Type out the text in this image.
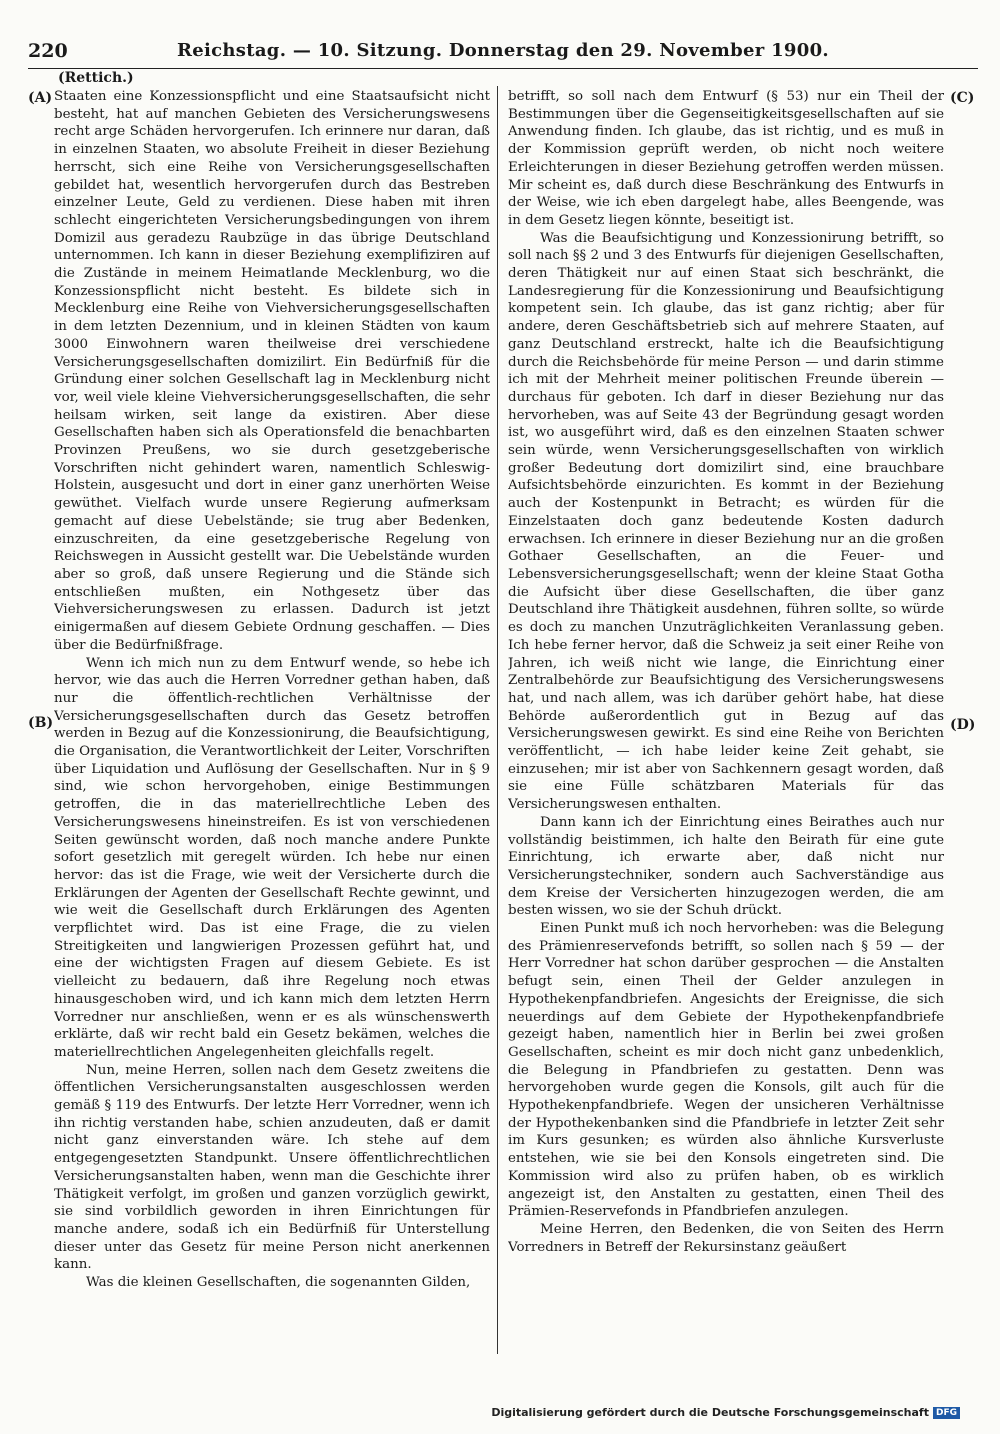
220	Reichstag. — 10. Sitzung. Donnerstag den 29. November 1900.
(Rettich.)
(A)
(B)
(C)
(D)

Staaten eine Konzessionspflicht und eine Staatsaufsicht nicht besteht, hat auf manchen Gebieten des Versicherungswesens recht arge Schäden hervorgerufen. Ich erinnere nur daran, daß in einzelnen Staaten, wo absolute Freiheit in dieser Beziehung herrscht, sich eine Reihe von Versicherungsgesellschaften gebildet hat, wesentlich hervorgerufen durch das Bestreben einzelner Leute, Geld zu verdienen. Diese haben mit ihren schlecht eingerichteten Versicherungsbedingungen von ihrem Domizil aus geradezu Raubzüge in das übrige Deutschland unternommen. Ich kann in dieser Beziehung exemplifiziren auf die Zustände in meinem Heimatlande Mecklenburg, wo die Konzessionspflicht nicht besteht. Es bildete sich in Mecklenburg eine Reihe von Viehversicherungsgesellschaften in dem letzten Dezennium, und in kleinen Städten von kaum 3000 Einwohnern waren theilweise drei verschiedene Versicherungsgesellschaften domizilirt. Ein Bedürfniß für die Gründung einer solchen Gesellschaft lag in Mecklenburg nicht vor, weil viele kleine Viehversicherungsgesellschaften, die sehr heilsam wirken, seit lange da existiren. Aber diese Gesellschaften haben sich als Operationsfeld die benachbarten Provinzen Preußens, wo sie durch gesetzgeberische Vorschriften nicht gehindert waren, namentlich Schleswig-Holstein, ausgesucht und dort in einer ganz unerhörten Weise gewüthet. Vielfach wurde unsere Regierung aufmerksam gemacht auf diese Uebelstände; sie trug aber Bedenken, einzuschreiten, da eine gesetzgeberische Regelung von Reichswegen in Aussicht gestellt war. Die Uebelstände wurden aber so groß, daß unsere Regierung und die Stände sich entschließen mußten, ein Nothgesetz über das Viehversicherungswesen zu erlassen. Dadurch ist jetzt einigermaßen auf diesem Gebiete Ordnung geschaffen. — Dies über die Bedürfnißfrage.

Wenn ich mich nun zu dem Entwurf wende, so hebe ich hervor, wie das auch die Herren Vorredner gethan haben, daß nur die öffentlich-rechtlichen Verhältnisse der Versicherungsgesellschaften durch das Gesetz betroffen werden in Bezug auf die Konzessionirung, die Beaufsichtigung, die Organisation, die Verantwortlichkeit der Leiter, Vorschriften über Liquidation und Auflösung der Gesellschaften. Nur in § 9 sind, wie schon hervorgehoben, einige Bestimmungen getroffen, die in das materiellrechtliche Leben des Versicherungswesens hineinstreifen. Es ist von verschiedenen Seiten gewünscht worden, daß noch manche andere Punkte sofort gesetzlich mit geregelt würden. Ich hebe nur einen hervor: das ist die Frage, wie weit der Versicherte durch die Erklärungen der Agenten der Gesellschaft Rechte gewinnt, und wie weit die Gesellschaft durch Erklärungen des Agenten verpflichtet wird. Das ist eine Frage, die zu vielen Streitigkeiten und langwierigen Prozessen geführt hat, und eine der wichtigsten Fragen auf diesem Gebiete. Es ist vielleicht zu bedauern, daß ihre Regelung noch etwas hinausgeschoben wird, und ich kann mich dem letzten Herrn Vorredner nur anschließen, wenn er es als wünschenswerth erklärte, daß wir recht bald ein Gesetz bekämen, welches die materiellrechtlichen Angelegenheiten gleichfalls regelt.

Nun, meine Herren, sollen nach dem Gesetz zweitens die öffentlichen Versicherungsanstalten ausgeschlossen werden gemäß § 119 des Entwurfs. Der letzte Herr Vorredner, wenn ich ihn richtig verstanden habe, schien anzudeuten, daß er damit nicht ganz einverstanden wäre. Ich stehe auf dem entgegengesetzten Standpunkt. Unsere öffentlichrechtlichen Versicherungsanstalten haben, wenn man die Geschichte ihrer Thätigkeit verfolgt, im großen und ganzen vorzüglich gewirkt, sie sind vorbildlich geworden in ihren Einrichtungen für manche andere, sodaß ich ein Bedürfniß für Unterstellung dieser unter das Gesetz für meine Person nicht anerkennen kann.

Was die kleinen Gesellschaften, die sogenannten Gilden,

betrifft, so soll nach dem Entwurf (§ 53) nur ein Theil der Bestimmungen über die Gegenseitigkeitsgesellschaften auf sie Anwendung finden. Ich glaube, das ist richtig, und es muß in der Kommission geprüft werden, ob nicht noch weitere Erleichterungen in dieser Beziehung getroffen werden müssen. Mir scheint es, daß durch diese Beschränkung des Entwurfs in der Weise, wie ich eben dargelegt habe, alles Beengende, was in dem Gesetz liegen könnte, beseitigt ist.

Was die Beaufsichtigung und Konzessionirung betrifft, so soll nach §§ 2 und 3 des Entwurfs für diejenigen Gesellschaften, deren Thätigkeit nur auf einen Staat sich beschränkt, die Landesregierung für die Konzessionirung und Beaufsichtigung kompetent sein. Ich glaube, das ist ganz richtig; aber für andere, deren Geschäftsbetrieb sich auf mehrere Staaten, auf ganz Deutschland erstreckt, halte ich die Beaufsichtigung durch die Reichsbehörde für meine Person — und darin stimme ich mit der Mehrheit meiner politischen Freunde überein — durchaus für geboten. Ich darf in dieser Beziehung nur das hervorheben, was auf Seite 43 der Begründung gesagt worden ist, wo ausgeführt wird, daß es den einzelnen Staaten schwer sein würde, wenn Versicherungsgesellschaften von wirklich großer Bedeutung dort domizilirt sind, eine brauchbare Aufsichtsbehörde einzurichten. Es kommt in der Beziehung auch der Kostenpunkt in Betracht; es würden für die Einzelstaaten doch ganz bedeutende Kosten dadurch erwachsen. Ich erinnere in dieser Beziehung nur an die großen Gothaer Gesellschaften, an die Feuer- und Lebensversicherungsgesellschaft; wenn der kleine Staat Gotha die Aufsicht über diese Gesellschaften, die über ganz Deutschland ihre Thätigkeit ausdehnen, führen sollte, so würde es doch zu manchen Unzuträglichkeiten Veranlassung geben. Ich hebe ferner hervor, daß die Schweiz ja seit einer Reihe von Jahren, ich weiß nicht wie lange, die Einrichtung einer Zentralbehörde zur Beaufsichtigung des Versicherungswesens hat, und nach allem, was ich darüber gehört habe, hat diese Behörde außerordentlich gut in Bezug auf das Versicherungswesen gewirkt. Es sind eine Reihe von Berichten veröffentlicht, — ich habe leider keine Zeit gehabt, sie einzusehen; mir ist aber von Sachkennern gesagt worden, daß sie eine Fülle schätzbaren Materials für das Versicherungswesen enthalten.

Dann kann ich der Einrichtung eines Beirathes auch nur vollständig beistimmen, ich halte den Beirath für eine gute Einrichtung, ich erwarte aber, daß nicht nur Versicherungstechniker, sondern auch Sachverständige aus dem Kreise der Versicherten hinzugezogen werden, die am besten wissen, wo sie der Schuh drückt.

Einen Punkt muß ich noch hervorheben: was die Belegung des Prämienreservefonds betrifft, so sollen nach § 59 — der Herr Vorredner hat schon darüber gesprochen — die Anstalten befugt sein, einen Theil der Gelder anzulegen in Hypothekenpfandbriefen. Angesichts der Ereignisse, die sich neuerdings auf dem Gebiete der Hypothekenpfandbriefe gezeigt haben, namentlich hier in Berlin bei zwei großen Gesellschaften, scheint es mir doch nicht ganz unbedenklich, die Belegung in Pfandbriefen zu gestatten. Denn was hervorgehoben wurde gegen die Konsols, gilt auch für die Hypothekenpfandbriefe. Wegen der unsicheren Verhältnisse der Hypothekenbanken sind die Pfandbriefe in letzter Zeit sehr im Kurs gesunken; es würden also ähnliche Kursverluste entstehen, wie sie bei den Konsols eingetreten sind. Die Kommission wird also zu prüfen haben, ob es wirklich angezeigt ist, den Anstalten zu gestatten, einen Theil des Prämien-Reservefonds in Pfandbriefen anzulegen.

Meine Herren, den Bedenken, die von Seiten des Herrn Vorredners in Betreff der Rekursinstanz geäußert

Digitalisierung gefördert durch die Deutsche Forschungsgemeinschaft DFG
